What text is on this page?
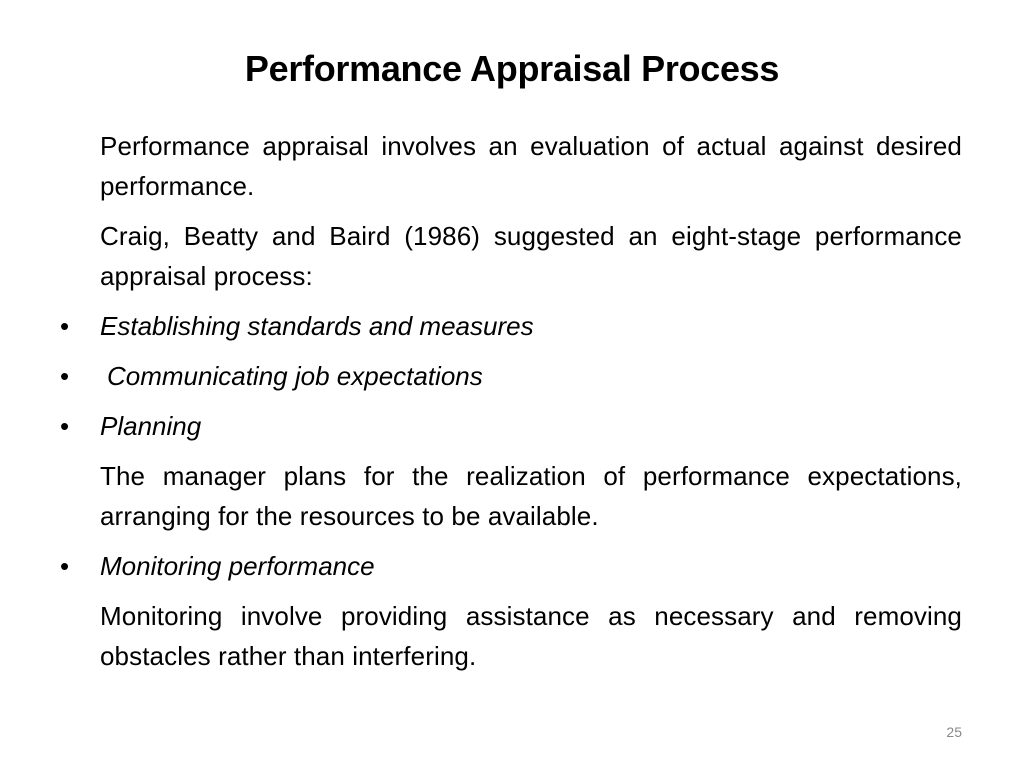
Performance Appraisal Process

Performance appraisal involves an evaluation of actual against desired performance.

Craig, Beatty and Baird (1986) suggested an eight-stage performance appraisal process:

• Establishing standards and measures
• Communicating job expectations
• Planning

The manager plans for the realization of performance expectations, arranging for the resources to be available.

• Monitoring performance

Monitoring involve providing assistance as necessary and removing obstacles rather than interfering.

25
